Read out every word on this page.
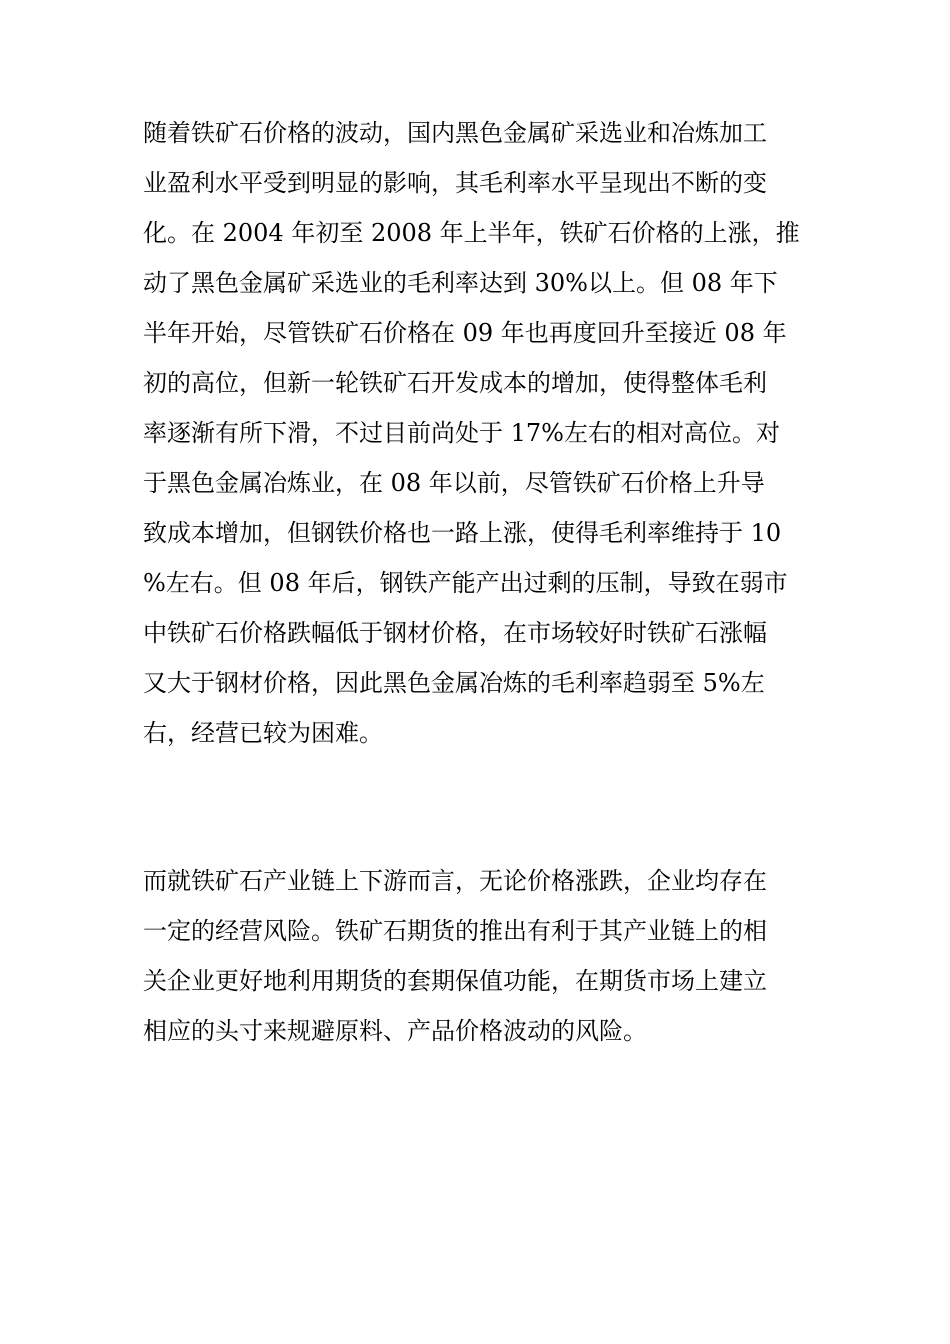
随着铁矿石价格的波动，国内黑色金属矿采选业和冶炼加工
业盈利水平受到明显的影响，其毛利率水平呈现出不断的变
化。在 2004 年初至 2008 年上半年，铁矿石价格的上涨，推
动了黑色金属矿采选业的毛利率达到 30%以上。但 08 年下
半年开始，尽管铁矿石价格在 09 年也再度回升至接近 08 年
初的高位，但新一轮铁矿石开发成本的增加，使得整体毛利
率逐渐有所下滑，不过目前尚处于 17%左右的相对高位。对
于黑色金属冶炼业，在 08 年以前，尽管铁矿石价格上升导
致成本增加，但钢铁价格也一路上涨，使得毛利率维持于 10
%左右。但 08 年后，钢铁产能产出过剩的压制，导致在弱市
中铁矿石价格跌幅低于钢材价格，在市场较好时铁矿石涨幅
又大于钢材价格，因此黑色金属冶炼的毛利率趋弱至 5%左
右，经营已较为困难。
而就铁矿石产业链上下游而言，无论价格涨跌，企业均存在
一定的经营风险。铁矿石期货的推出有利于其产业链上的相
关企业更好地利用期货的套期保值功能，在期货市场上建立
相应的头寸来规避原料、产品价格波动的风险。
